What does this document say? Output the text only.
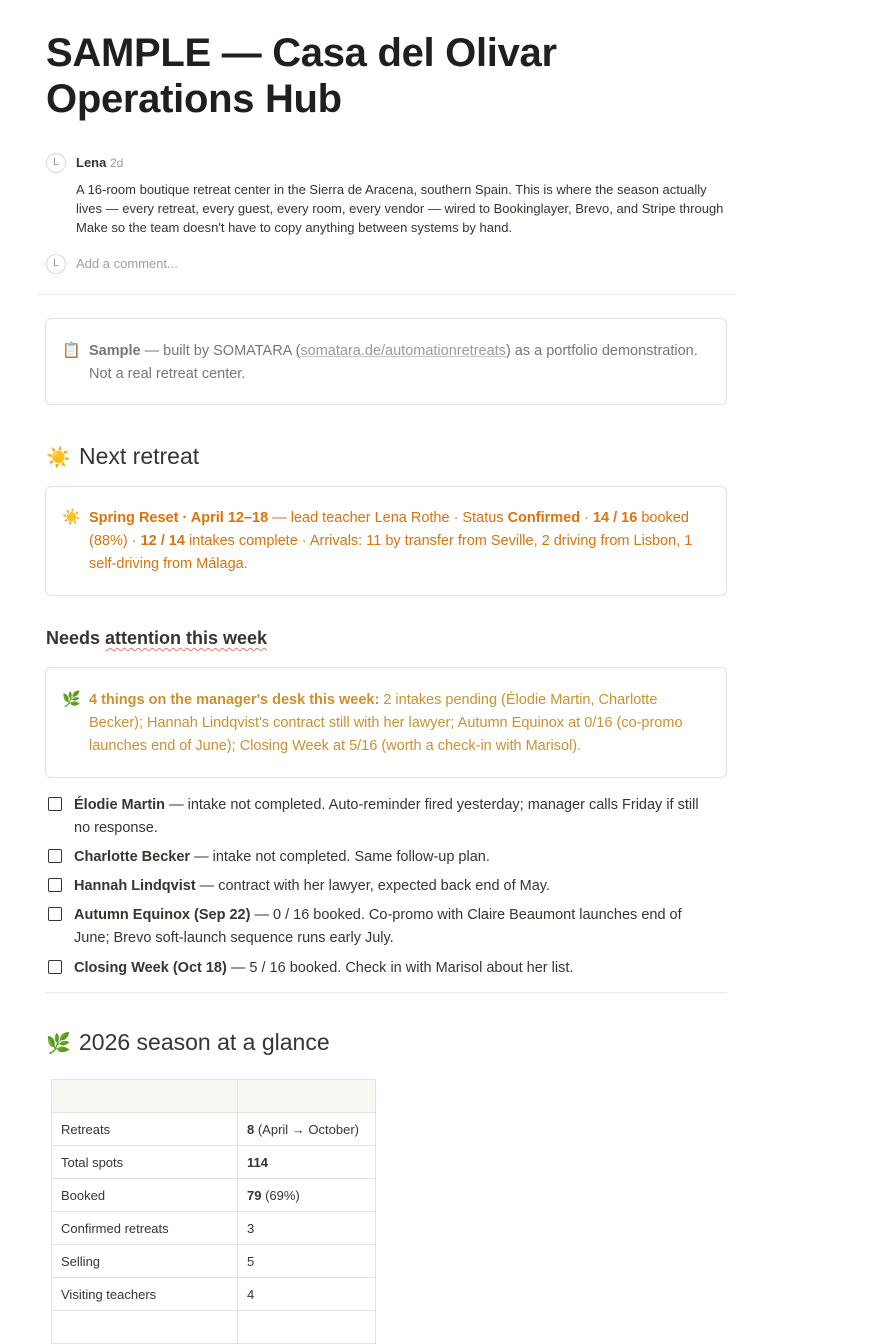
SAMPLE — Casa del Olivar Operations Hub
L	Lena 2d
A 16-room boutique retreat center in the Sierra de Aracena, southern Spain. This is where the season actually lives — every retreat, every guest, every room, every vendor — wired to Bookinglayer, Brevo, and Stripe through Make so the team doesn't have to copy anything between systems by hand.
L	Add a comment...
📋 Sample — built by SOMATARA (somatara.de/automationretreats) as a portfolio demonstration. Not a real retreat center.
☀️ Next retreat
☀️ Spring Reset · April 12–18 — lead teacher Lena Rothe · Status Confirmed · 14 / 16 booked (88%) · 12 / 14 intakes complete · Arrivals: 11 by transfer from Seville, 2 driving from Lisbon, 1 self-driving from Málaga.
Needs attention this week
🌿 4 things on the manager's desk this week: 2 intakes pending (Élodie Martin, Charlotte Becker); Hannah Lindqvist's contract still with her lawyer; Autumn Equinox at 0/16 (co-promo launches end of June); Closing Week at 5/16 (worth a check-in with Marisol).
Élodie Martin — intake not completed. Auto-reminder fired yesterday; manager calls Friday if still no response.
Charlotte Becker — intake not completed. Same follow-up plan.
Hannah Lindqvist — contract with her lawyer, expected back end of May.
Autumn Equinox (Sep 22) — 0 / 16 booked. Co-promo with Claire Beaumont launches end of June; Brevo soft-launch sequence runs early July.
Closing Week (Oct 18) — 5 / 16 booked. Check in with Marisol about her list.
🌿 2026 season at a glance

Retreats	8 (April → October)
Total spots	114
Booked	79 (69%)
Confirmed retreats	3
Selling	5
Visiting teachers	4
